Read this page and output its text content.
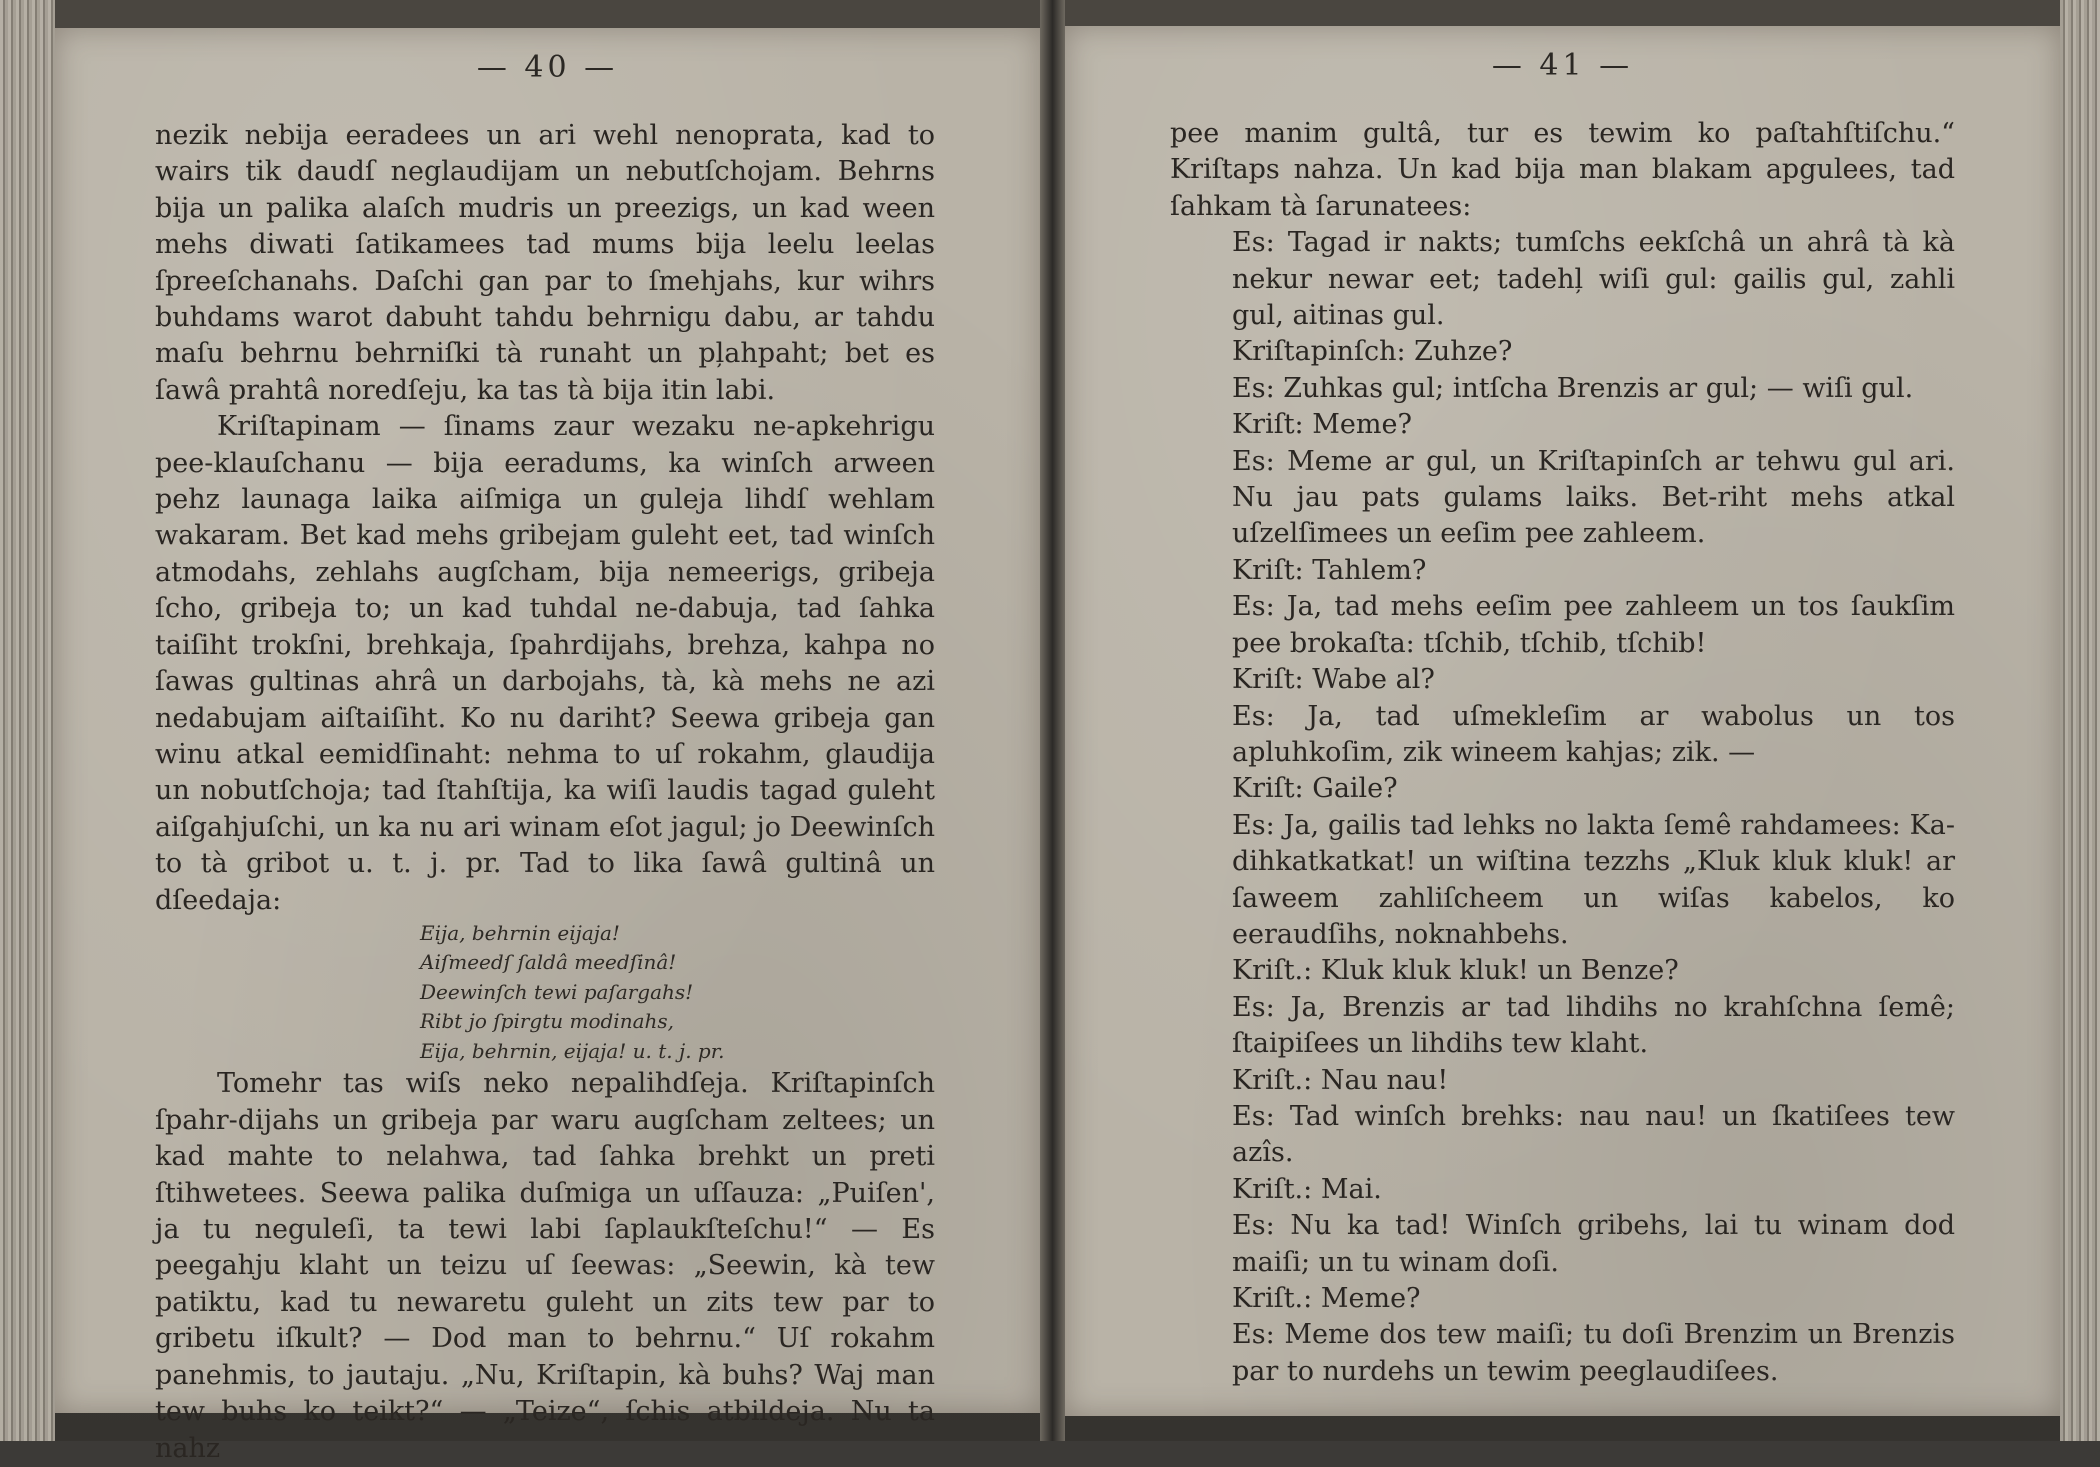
— 40 —

nezik nebija eeradees un ari wehl nenoprata, kad to wairs tik daudſ neglaudijam un nebutſchojam. Behrns bija un palika alaſch mudris un preezigs, un kad ween mehs diwati ſatikamees tad mums bija leelu leelas ſpreeſchanahs. Daſchi gan par to ſmehjahs, kur wihrs buhdams warot dabuht tahdu behrnigu dabu, ar tahdu maſu behrnu behrniſki tà runaht un pļahpaht; bet es ſawâ prahtâ noredſeju, ka tas tà bija itin labi.

Kriſtapinam — ſinams zaur wezaku ne-apkehrigu pee-klauſchanu — bija eeradums, ka winſch arween pehz launaga laika aiſmiga un guleja lihdſ wehlam wakaram. Bet kad mehs gribejam guleht eet, tad winſch atmodahs, zehlahs augſcham, bija nemeerigs, gribeja ſcho, gribeja to; un kad tuhdal ne-dabuja, tad ſahka taiſiht trokſni, brehkaja, ſpahrdijahs, brehza, kahpa no ſawas gultinas ahrâ un darbojahs, tà, kà mehs ne azi nedabujam aiſtaiſiht. Ko nu dariht? Seewa gribeja gan winu atkal eemidſinaht: nehma to uſ rokahm, glaudija un nobutſchoja; tad ſtahſtija, ka wiſi laudis tagad guleht aiſgahjuſchi, un ka nu ari winam eſot jagul; jo Deewinſch to tà gribot u. t. j. pr. Tad to lika ſawâ gultinâ un dſeedaja:

Eija, behrnin eijaja!
Aiſmeedſ ſaldâ meedſinâ!
Deewinſch tewi paſargahs!
Ribt jo ſpirgtu modinahs,
Eija, behrnin, eijaja! u. t. j. pr.

Tomehr tas wiſs neko nepalihdſeja. Kriſtapinſch ſpahr-dijahs un gribeja par waru augſcham zeltees; un kad mahte to nelahwa, tad ſahka brehkt un preti ſtihwetees. Seewa palika duſmiga un uſſauza: „Puiſen', ja tu neguleſi, ta tewi labi ſaplaukſteſchu!“ — Es peegahju klaht un teizu uſ ſeewas: „Seewin, kà tew patiktu, kad tu newaretu guleht un zits tew par to gribetu iſkult? — Dod man to behrnu.“ Uſ rokahm panehmis, to jautaju. „Nu, Kriſtapin, kà buhs? Waj man tew buhs ko teikt?“ — „Teize“, ſchis atbildeja. Nu ta nahz

— 41 —

pee manim gultâ, tur es tewim ko paſtahſtiſchu.“ Kriſtaps nahza. Un kad bija man blakam apgulees, tad ſahkam tà ſarunatees:

Es: Tagad ir nakts; tumſchs eekſchâ un ahrâ tà kà nekur newar eet; tadehļ wiſi gul: gailis gul, zahli gul, aitinas gul.

Kriſtapinſch: Zuhze?

Es: Zuhkas gul; intſcha Brenzis ar gul; — wiſi gul.

Kriſt: Meme?

Es: Meme ar gul, un Kriſtapinſch ar tehwu gul ari. Nu jau pats gulams laiks. Bet-riht mehs atkal uſzelſimees un eeſim pee zahleem.

Kriſt: Tahlem?

Es: Ja, tad mehs eeſim pee zahleem un tos ſaukſim pee brokaſta: tſchib, tſchib, tſchib!

Kriſt: Wabe al?

Es: Ja, tad uſmekleſim ar wabolus un tos apluhkoſim, zik wineem kahjas; zik. —

Kriſt: Gaile?

Es: Ja, gailis tad lehks no lakta ſemê rahdamees: Ka-dihkatkatkat! un wiſtina tezzhs „Kluk kluk kluk! ar ſaweem zahliſcheem un wiſas kabelos, ko eeraudſihs, noknahbehs.

Kriſt.: Kluk kluk kluk! un Benze?

Es: Ja, Brenzis ar tad lihdihs no krahſchna ſemê; ſtaipiſees un lihdihs tew klaht.

Kriſt.: Nau nau!

Es: Tad winſch brehks: nau nau! un ſkatiſees tew azîs.

Kriſt.: Mai.

Es: Nu ka tad! Winſch gribehs, lai tu winam dod maiſi; un tu winam doſi.

Kriſt.: Meme?

Es: Meme dos tew maiſi; tu doſi Brenzim un Brenzis par to nurdehs un tewim peeglaudiſees.
